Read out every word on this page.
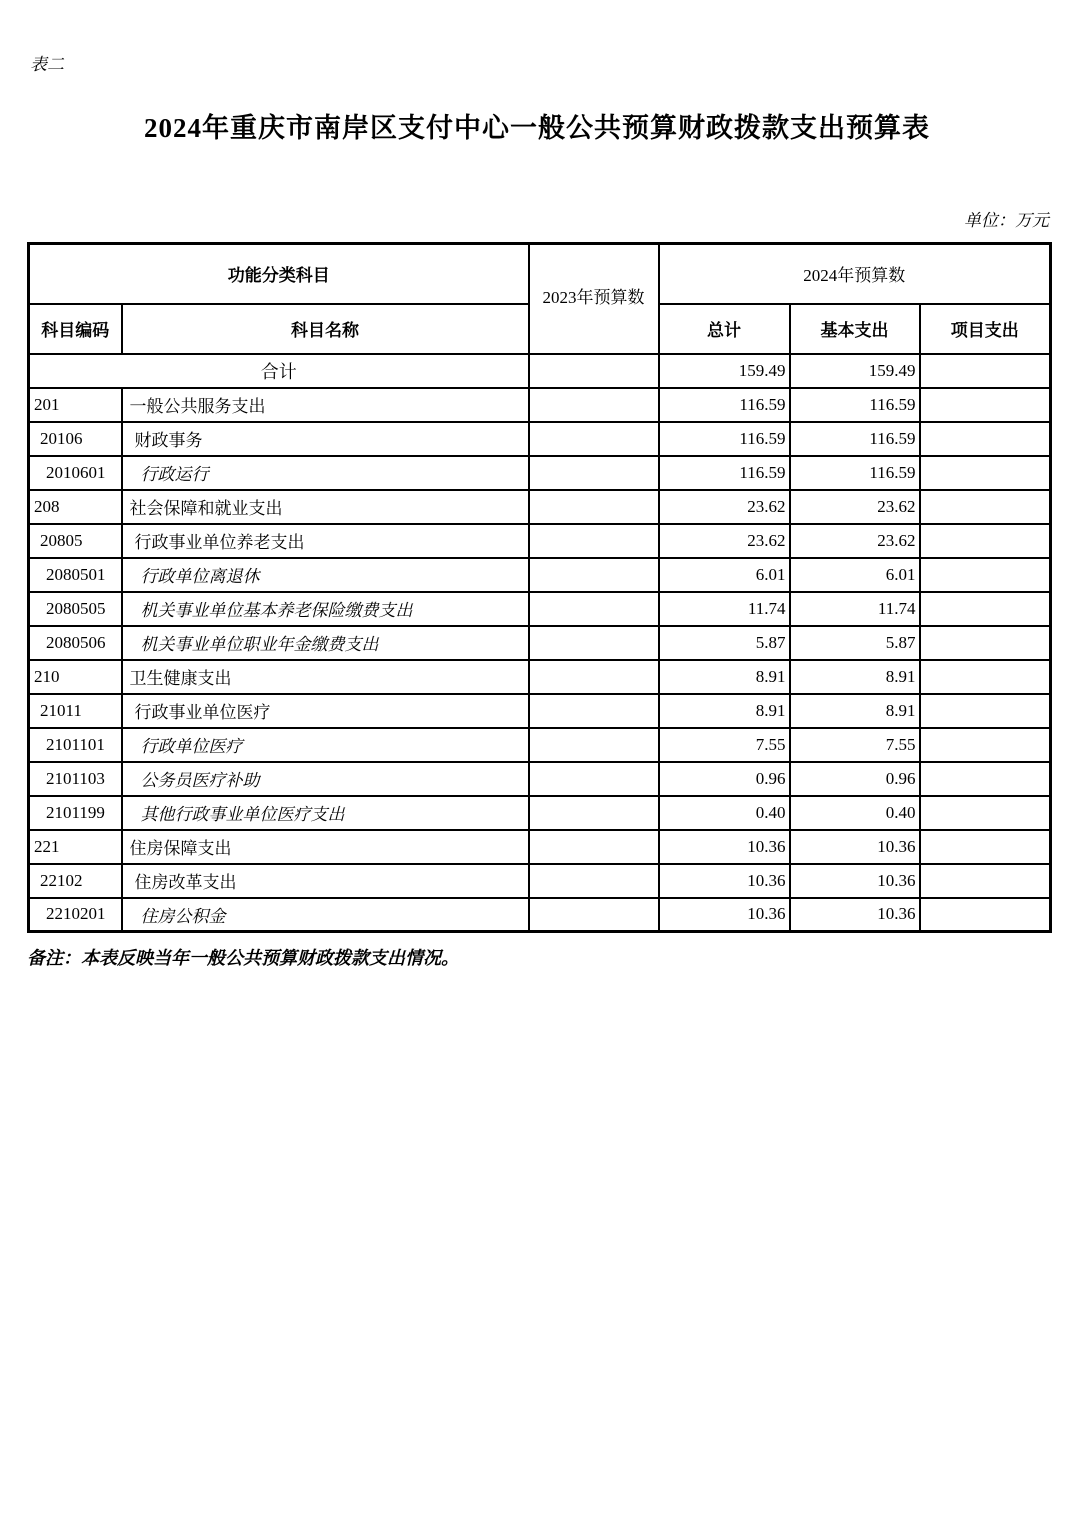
表二
2024年重庆市南岸区支付中心一般公共预算财政拨款支出预算表
单位：万元
功能分类科目		2023年预算数	2024年预算数		
科目编码	科目名称		总计	基本支出	项目支出
合计			159.49	159.49	
201	一般公共服务支出		116.59	116.59	
20106	财政事务		116.59	116.59	
2010601	行政运行		116.59	116.59	
208	社会保障和就业支出		23.62	23.62	
20805	行政事业单位养老支出		23.62	23.62	
2080501	行政单位离退休		6.01	6.01	
2080505	机关事业单位基本养老保险缴费支出		11.74	11.74	
2080506	机关事业单位职业年金缴费支出		5.87	5.87	
210	卫生健康支出		8.91	8.91	
21011	行政事业单位医疗		8.91	8.91	
2101101	行政单位医疗		7.55	7.55	
2101103	公务员医疗补助		0.96	0.96	
2101199	其他行政事业单位医疗支出		0.40	0.40	
221	住房保障支出		10.36	10.36	
22102	住房改革支出		10.36	10.36	
2210201	住房公积金		10.36	10.36	
备注：本表反映当年一般公共预算财政拨款支出情况。
